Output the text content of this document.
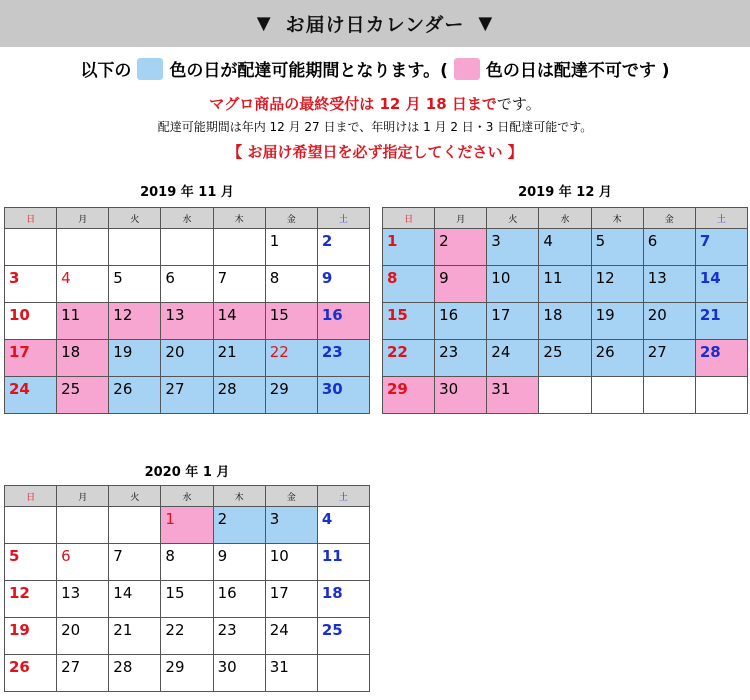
▼ お届け日カレンダー ▼
以下の 色の日が配達可能期間となります。( 色の日は配達不可です )
マグロ商品の最終受付は 12 月 18 日までです。
配達可能期間は年内 12 月 27 日まで、年明けは 1 月 2 日・3 日配達可能です。
【 お届け希望日を必ず指定してください 】
2019 年 11 月
日	月	火	水	木	金	土

					1	2

3	4	5	6	7	8	9

10	11	12	13	14	15	16

17	18	19	20	21	22	23

24	25	26	27	28	29	30
2019 年 12 月
日	月	火	水	木	金	土

1	2	3	4	5	6	7

8	9	10	11	12	13	14

15	16	17	18	19	20	21

22	23	24	25	26	27	28

29	30	31				

2020 年 1 月
日	月	火	水	木	金	土

			1	2	3	4

5	6	7	8	9	10	11

12	13	14	15	16	17	18

19	20	21	22	23	24	25

26	27	28	29	30	31	
